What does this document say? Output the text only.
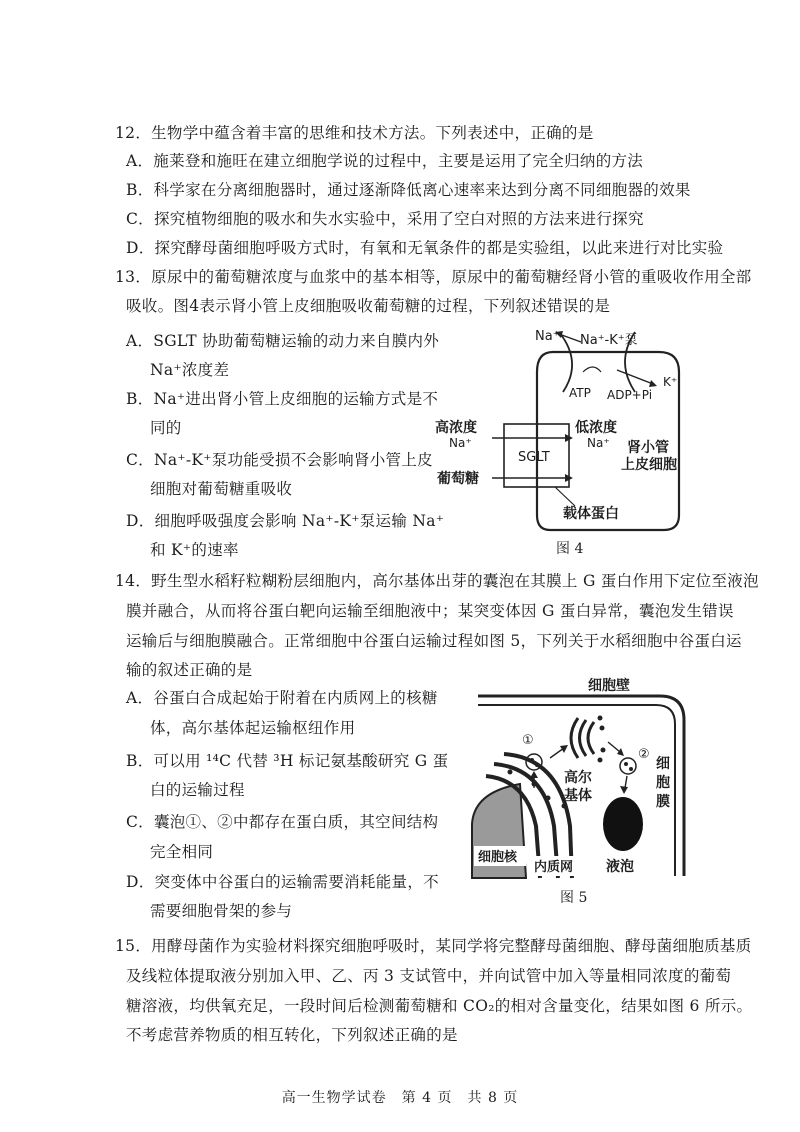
12．生物学中蕴含着丰富的思维和技术方法。下列表述中，正确的是
A．施莱登和施旺在建立细胞学说的过程中，主要是运用了完全归纳的方法
B．科学家在分离细胞器时，通过逐渐降低离心速率来达到分离不同细胞器的效果
C．探究植物细胞的吸水和失水实验中，采用了空白对照的方法来进行探究
D．探究酵母菌细胞呼吸方式时，有氧和无氧条件的都是实验组，以此来进行对比实验
13．原尿中的葡萄糖浓度与血浆中的基本相等，原尿中的葡萄糖经肾小管的重吸收作用全部
吸收。图4表示肾小管上皮细胞吸收葡萄糖的过程，下列叙述错误的是
A．SGLT 协助葡萄糖运输的动力来自膜内外
Na⁺浓度差
B．Na⁺进出肾小管上皮细胞的运输方式是不
同的
C．Na⁺-K⁺泵功能受损不会影响肾小管上皮
细胞对葡萄糖重吸收
D．细胞呼吸强度会影响 Na⁺-K⁺泵运输 Na⁺
和 K⁺的速率
Na⁺ Na⁺-K⁺泵
ATP ADP+Pi
K⁺
SGLT
高浓度
Na⁺
葡萄糖
低浓度
Na⁺ 肾小管
上皮细胞
载体蛋白
图 4
14．野生型水稻籽粒糊粉层细胞内，高尔基体出芽的囊泡在其膜上 G 蛋白作用下定位至液泡
膜并融合，从而将谷蛋白靶向运输至细胞液中；某突变体因 G 蛋白异常，囊泡发生错误
运输后与细胞膜融合。正常细胞中谷蛋白运输过程如图 5，下列关于水稻细胞中谷蛋白运
输的叙述正确的是
A．谷蛋白合成起始于附着在内质网上的核糖
体，高尔基体起运输枢纽作用
B．可以用 ¹⁴C 代替 ³H 标记氨基酸研究 G 蛋
白的运输过程
C．囊泡①、②中都存在蛋白质，其空间结构
完全相同
D．突变体中谷蛋白的运输需要消耗能量，不
需要细胞骨架的参与
细胞壁
细
胞
膜
细胞核
内质网
①
高尔
基体
②
液泡
图 5
15．用酵母菌作为实验材料探究细胞呼吸时，某同学将完整酵母菌细胞、酵母菌细胞质基质
及线粒体提取液分别加入甲、乙、丙 3 支试管中，并向试管中加入等量相同浓度的葡萄
糖溶液，均供氧充足，一段时间后检测葡萄糖和 CO₂的相对含量变化，结果如图 6 所示。
不考虑营养物质的相互转化，下列叙述正确的是
高一生物学试卷　第 4 页　共 8 页
